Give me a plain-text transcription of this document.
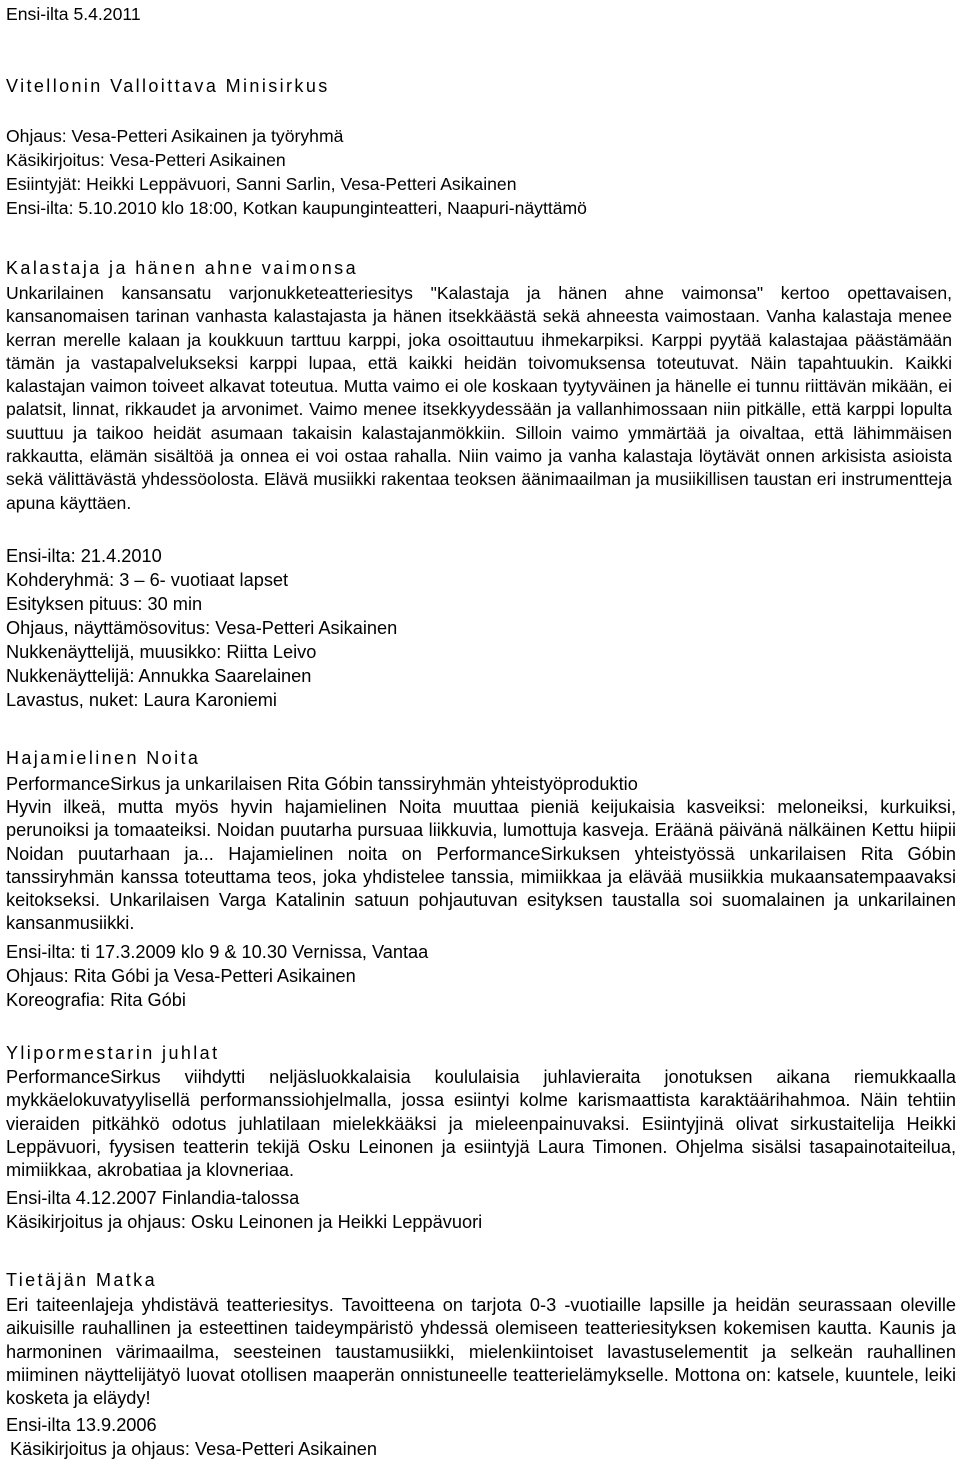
Ensi-ilta 5.4.2011
Vitellonin Valloittava Minisirkus
Ohjaus: Vesa-Petteri Asikainen ja työryhmä
Käsikirjoitus: Vesa-Petteri Asikainen
Esiintyjät: Heikki Leppävuori, Sanni Sarlin, Vesa-Petteri Asikainen
Ensi-ilta: 5.10.2010 klo 18:00, Kotkan kaupunginteatteri, Naapuri-näyttämö
Kalastaja ja hänen ahne vaimonsa
Unkarilainen kansansatu varjonukketeatteriesitys "Kalastaja ja hänen ahne vaimonsa" kertoo opettavaisen, kansanomaisen tarinan vanhasta kalastajasta ja hänen itsekkäästä sekä ahneesta vaimostaan. Vanha kalastaja menee kerran merelle kalaan ja koukkuun tarttuu karppi, joka osoittautuu ihmekarpiksi. Karppi pyytää kalastajaa päästämään tämän ja vastapalvelukseksi karppi lupaa, että kaikki heidän toivomuksensa toteutuvat. Näin tapahtuukin. Kaikki kalastajan vaimon toiveet alkavat toteutua. Mutta vaimo ei ole koskaan tyytyväinen ja hänelle ei tunnu riittävän mikään, ei palatsit, linnat, rikkaudet ja arvonimet. Vaimo menee itsekkyydessään ja vallanhimossaan niin pitkälle, että karppi lopulta suuttuu ja taikoo heidät asumaan takaisin kalastajanmökkiin. Silloin vaimo ymmärtää ja oivaltaa, että lähimmäisen rakkautta, elämän sisältöä ja onnea ei voi ostaa rahalla. Niin vaimo ja vanha kalastaja löytävät onnen arkisista asioista sekä välittävästä yhdessöolosta. Elävä musiikki rakentaa teoksen äänimaailman ja musiikillisen taustan eri instrumentteja apuna käyttäen.
Ensi-ilta: 21.4.2010
Kohderyhmä: 3 – 6- vuotiaat lapset
Esityksen pituus: 30 min
Ohjaus, näyttämösovitus: Vesa-Petteri Asikainen
Nukkenäyttelijä, muusikko: Riitta Leivo
Nukkenäyttelijä: Annukka Saarelainen
Lavastus, nuket: Laura Karoniemi
Hajamielinen Noita
PerformanceSirkus ja unkarilaisen Rita Góbin tanssiryhmän yhteistyöproduktio
Hyvin ilkeä, mutta myös hyvin hajamielinen Noita muuttaa pieniä keijukaisia kasveiksi: meloneiksi, kurkuiksi, perunoiksi ja tomaateiksi. Noidan puutarha pursuaa liikkuvia, lumottuja kasveja. Eräänä päivänä nälkäinen Kettu hiipii Noidan puutarhaan ja... Hajamielinen noita on PerformanceSirkuksen yhteistyössä unkarilaisen Rita Góbin tanssiryhmän kanssa toteuttama teos, joka yhdistelee tanssia, mimiikkaa ja elävää musiikkia mukaansatempaavaksi keitokseksi. Unkarilaisen Varga Katalinin satuun pohjautuvan esityksen taustalla soi suomalainen ja unkarilainen kansanmusiikki.
Ensi-ilta: ti 17.3.2009 klo 9 & 10.30 Vernissa, Vantaa
Ohjaus: Rita Góbi ja Vesa-Petteri Asikainen
Koreografia: Rita Góbi
Ylipormestarin juhlat
PerformanceSirkus viihdytti neljäsluokkalaisia koululaisia juhlavieraita jonotuksen aikana riemukkaalla mykkäelokuvatyylisellä performanssiohjelmalla, jossa esiintyi kolme karismaattista karaktäärihahmoa. Näin tehtiin vieraiden pitkähkö odotus juhlatilaan mielekkääksi ja mieleenpainuvaksi. Esiintyjinä olivat sirkustaitelija Heikki Leppävuori, fyysisen teatterin tekijä Osku Leinonen ja esiintyjä Laura Timonen. Ohjelma sisälsi tasapainotaiteilua, mimiikkaa, akrobatiaa ja klovneriaa.
Ensi-ilta 4.12.2007 Finlandia-talossa
Käsikirjoitus ja ohjaus: Osku Leinonen ja Heikki Leppävuori
Tietäjän Matka
Eri taiteenlajeja yhdistävä teatteriesitys. Tavoitteena on tarjota 0-3 -vuotiaille lapsille ja heidän seurassaan oleville aikuisille rauhallinen ja esteettinen taideympäristö yhdessä olemiseen teatteriesityksen kokemisen kautta. Kaunis ja harmoninen värimaailma, seesteinen taustamusiikki, mielenkiintoiset lavastuselementit ja selkeän rauhallinen miiminen näyttelijätyö luovat otollisen maaperän onnistuneelle teatterielämykselle. Mottona on: katsele, kuuntele, leiki kosketa ja eläydy!
Ensi-ilta 13.9.2006
Käsikirjoitus ja ohjaus: Vesa-Petteri Asikainen
